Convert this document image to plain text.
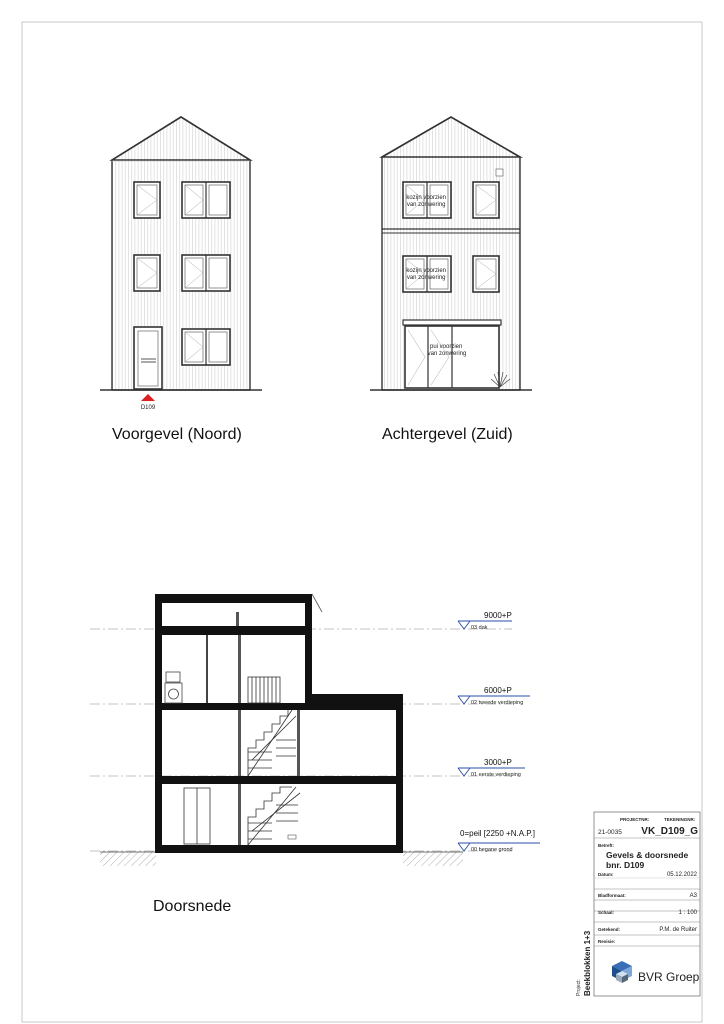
D109
kozijn voorzien van zonwering kozijn voorzien van zonwering pui voorzien van zonwering
9000+P 6000+P 3000+P 0=peil [2250 +N.A.P.]
03 dak 02 tweede verdieping 01 eerste verdieping 00 begane grond
PROJECTNR:	TEKENINGNR:
21-0035 VK_D109_G
Betreft:
Gevels & doorsnede
bnr. D109
Datum:	05.12.2022
Bladformaat:	A3
Schaal:	1 : 100
Getekend:	P.M. de Ruiter
Revisie:
Project: Beekblokken 1+3	BVR Groep
Voorgevel (Noord)	Achtergevel (Zuid)
Doorsnede
